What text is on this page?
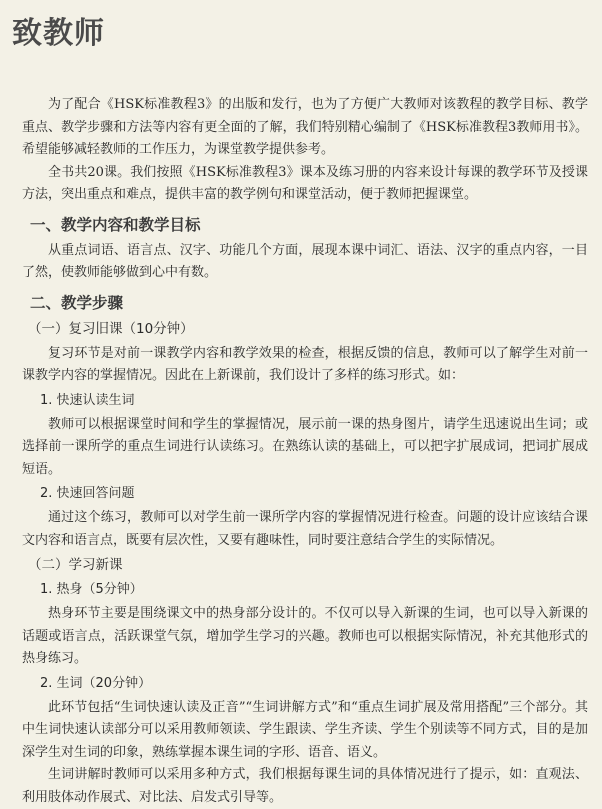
致教师

为了配合《HSK标准教程3》的出版和发行，也为了方便广大教师对该教程的教学目标、教学重点、教学步骤和方法等内容有更全面的了解，我们特别精心编制了《HSK标准教程3教师用书》。希望能够减轻教师的工作压力，为课堂教学提供参考。

全书共20课。我们按照《HSK标准教程3》课本及练习册的内容来设计每课的教学环节及授课方法，突出重点和难点，提供丰富的教学例句和课堂活动，便于教师把握课堂。

一、教学内容和教学目标

从重点词语、语言点、汉字、功能几个方面，展现本课中词汇、语法、汉字的重点内容，一目了然，使教师能够做到心中有数。

二、教学步骤
（一）复习旧课（10分钟）

复习环节是对前一课教学内容和教学效果的检查，根据反馈的信息，教师可以了解学生对前一课教学内容的掌握情况。因此在上新课前，我们设计了多样的练习形式。如：

1. 快速认读生词

教师可以根据课堂时间和学生的掌握情况，展示前一课的热身图片，请学生迅速说出生词；或选择前一课所学的重点生词进行认读练习。在熟练认读的基础上，可以把字扩展成词，把词扩展成短语。

2. 快速回答问题

通过这个练习，教师可以对学生前一课所学内容的掌握情况进行检查。问题的设计应该结合课文内容和语言点，既要有层次性，又要有趣味性，同时要注意结合学生的实际情况。

（二）学习新课
1. 热身（5分钟）

热身环节主要是围绕课文中的热身部分设计的。不仅可以导入新课的生词，也可以导入新课的话题或语言点，活跃课堂气氛，增加学生学习的兴趣。教师也可以根据实际情况，补充其他形式的热身练习。

2. 生词（20分钟）

此环节包括“生词快速认读及正音”“生词讲解方式”和“重点生词扩展及常用搭配”三个部分。其中生词快速认读部分可以采用教师领读、学生跟读、学生齐读、学生个别读等不同方式，目的是加深学生对生词的印象，熟练掌握本课生词的字形、语音、语义。

生词讲解时教师可以采用多种方式，我们根据每课生词的具体情况进行了提示，如：直观法、利用肢体动作展式、对比法、启发式引导等。
